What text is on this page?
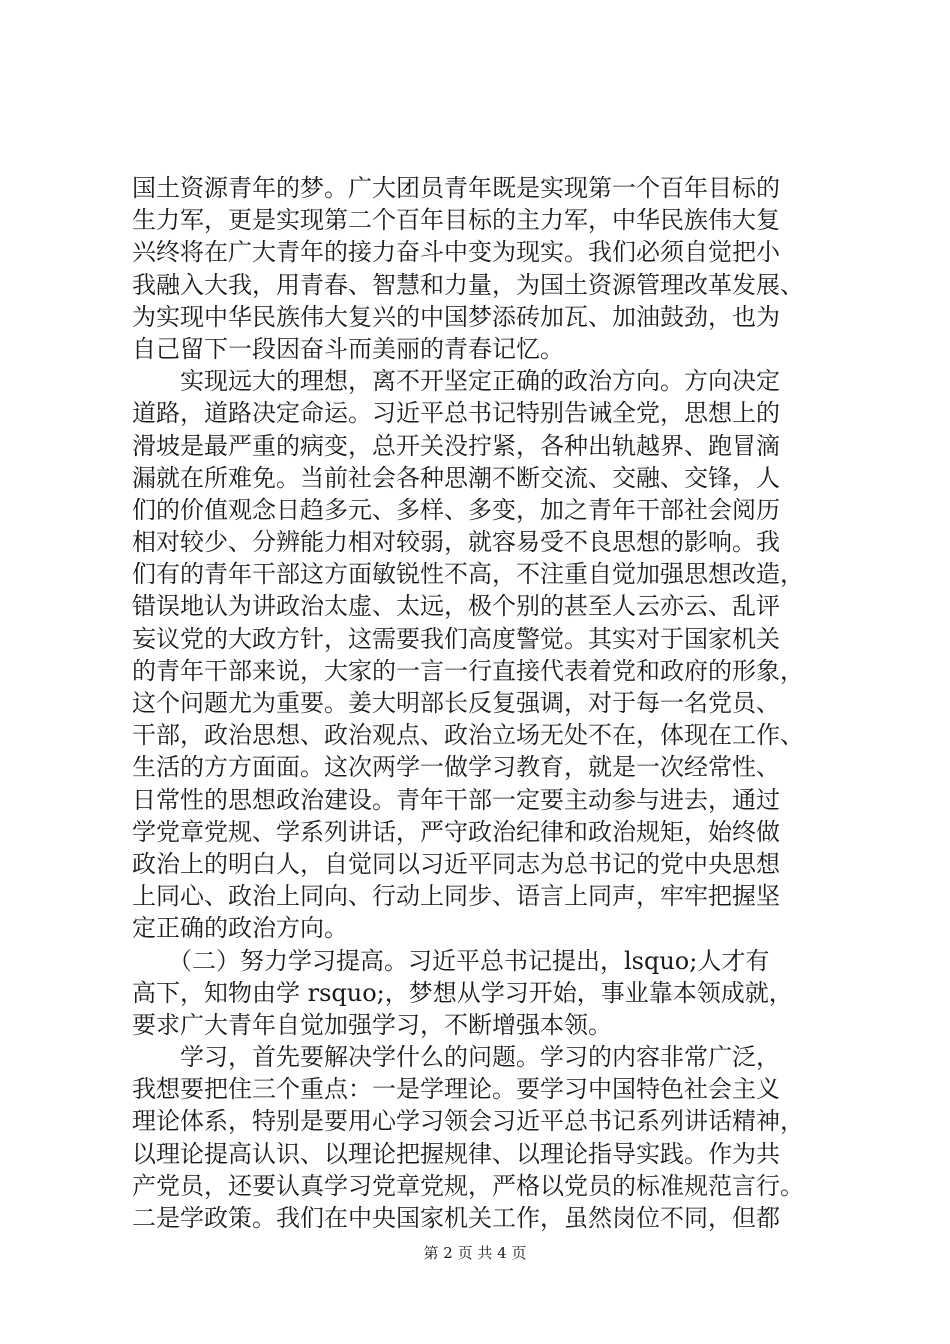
国土资源青年的梦。广大团员青年既是实现第一个百年目标的
生力军，更是实现第二个百年目标的主力军，中华民族伟大复
兴终将在广大青年的接力奋斗中变为现实。我们必须自觉把小
我融入大我，用青春、智慧和力量，为国土资源管理改革发展、
为实现中华民族伟大复兴的中国梦添砖加瓦、加油鼓劲，也为
自己留下一段因奋斗而美丽的青春记忆。
　　实现远大的理想，离不开坚定正确的政治方向。方向决定
道路，道路决定命运。习近平总书记特别告诫全党，思想上的
滑坡是最严重的病变，总开关没拧紧，各种出轨越界、跑冒滴
漏就在所难免。当前社会各种思潮不断交流、交融、交锋，人
们的价值观念日趋多元、多样、多变，加之青年干部社会阅历
相对较少、分辨能力相对较弱，就容易受不良思想的影响。我
们有的青年干部这方面敏锐性不高，不注重自觉加强思想改造，
错误地认为讲政治太虚、太远，极个别的甚至人云亦云、乱评
妄议党的大政方针，这需要我们高度警觉。其实对于国家机关
的青年干部来说，大家的一言一行直接代表着党和政府的形象，
这个问题尤为重要。姜大明部长反复强调，对于每一名党员、
干部，政治思想、政治观点、政治立场无处不在，体现在工作、
生活的方方面面。这次两学一做学习教育，就是一次经常性、
日常性的思想政治建设。青年干部一定要主动参与进去，通过
学党章党规、学系列讲话，严守政治纪律和政治规矩，始终做
政治上的明白人，自觉同以习近平同志为总书记的党中央思想
上同心、政治上同向、行动上同步、语言上同声，牢牢把握坚
定正确的政治方向。
　　（二）努力学习提高。习近平总书记提出，lsquo;人才有
高下，知物由学 rsquo;，梦想从学习开始，事业靠本领成就，
要求广大青年自觉加强学习，不断增强本领。
　　学习，首先要解决学什么的问题。学习的内容非常广泛，
我想要把住三个重点：一是学理论。要学习中国特色社会主义
理论体系，特别是要用心学习领会习近平总书记系列讲话精神，
以理论提高认识、以理论把握规律、以理论指导实践。作为共
产党员，还要认真学习党章党规，严格以党员的标准规范言行。
二是学政策。我们在中央国家机关工作，虽然岗位不同，但都
第 2 页 共 4 页
